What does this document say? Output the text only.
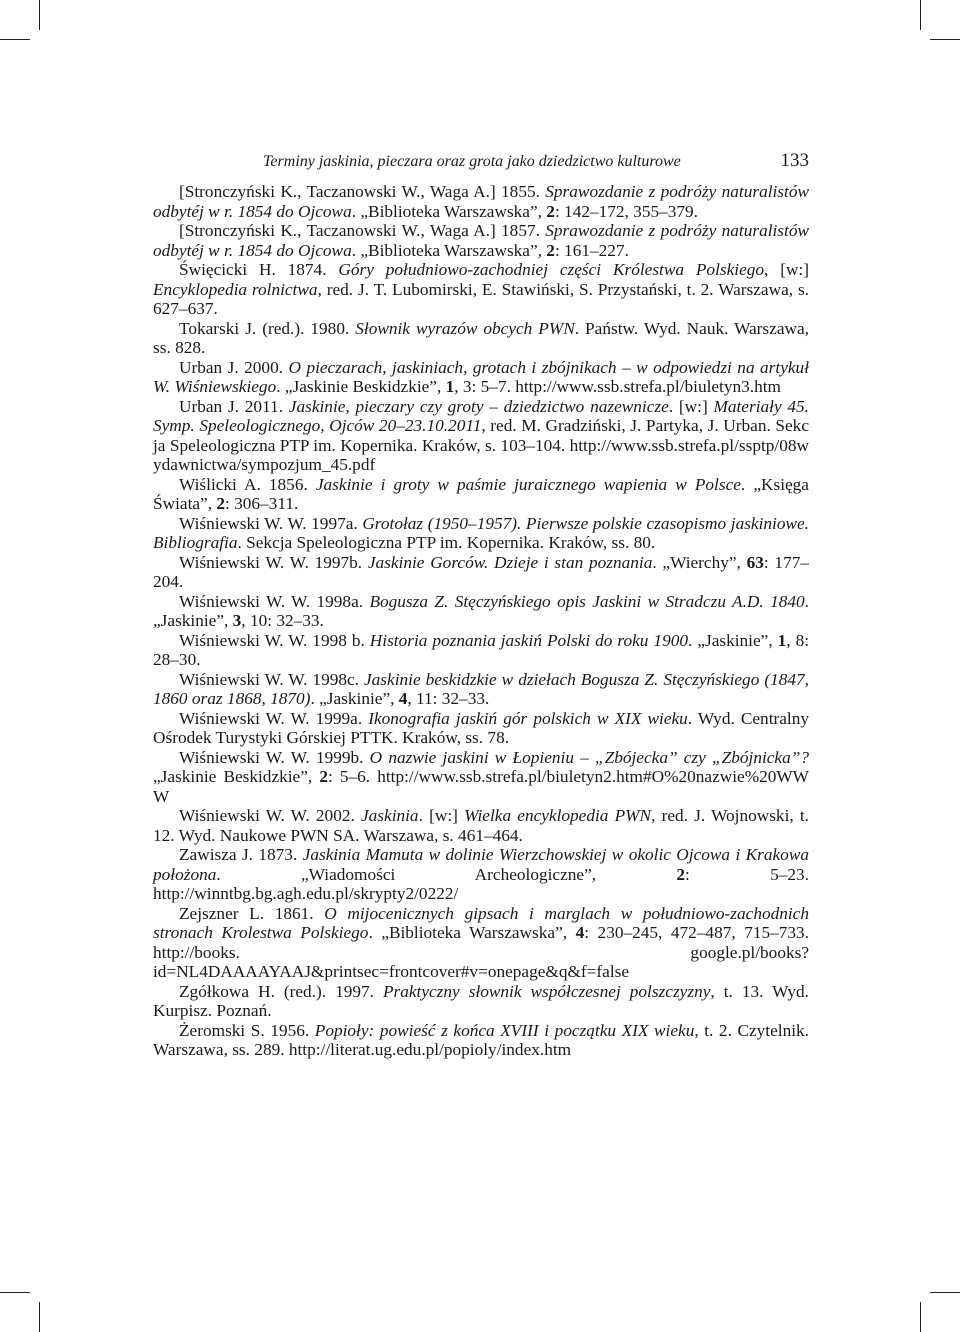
Terminy jaskinia, pieczara oraz grota jako dziedzictwo kulturowe	133

[Stronczyński K., Taczanowski W., Waga A.] 1855. Sprawozdanie z podróży naturalistów odbytéj w r. 1854 do Ojcowa. „Biblioteka Warszawska”, 2: 142–172, 355–379.

[Stronczyński K., Taczanowski W., Waga A.] 1857. Sprawozdanie z podróży naturalistów odbytéj w r. 1854 do Ojcowa. „Biblioteka Warszawska”, 2: 161–227.

Święcicki H. 1874. Góry południowo-zachodniej części Królestwa Polskiego, [w:] Encyklopedia rolnictwa, red. J. T. Lubomirski, E. Stawiński, S. Przystański, t. 2. Warszawa, s. 627–637.

Tokarski J. (red.). 1980. Słownik wyrazów obcych PWN. Państw. Wyd. Nauk. Warszawa, ss. 828.

Urban J. 2000. O pieczarach, jaskiniach, grotach i zbójnikach – w odpowiedzi na artykuł W. Wiśniewskiego. „Jaskinie Beskidzkie”, 1, 3: 5–7. http://www.ssb.strefa.pl/biuletyn3.htm

Urban J. 2011. Jaskinie, pieczary czy groty – dziedzictwo nazewnicze. [w:] Materiały 45. Symp. Speleologicznego, Ojców 20–23.10.2011, red. M. Gradziński, J. Partyka, J. Urban. Sekcja Speleologiczna PTP im. Kopernika. Kraków, s. 103–104. http://www.ssb.strefa.pl/ssptp/08wydawnictwa/sympozjum_45.pdf

Wiślicki A. 1856. Jaskinie i groty w paśmie juraicznego wapienia w Polsce. „Księga Świata”, 2: 306–311.

Wiśniewski W. W. 1997a. Grotołaz (1950–1957). Pierwsze polskie czasopismo jaskiniowe. Bibliografia. Sekcja Speleologiczna PTP im. Kopernika. Kraków, ss. 80.

Wiśniewski W. W. 1997b. Jaskinie Gorców. Dzieje i stan poznania. „Wierchy”, 63: 177–204.

Wiśniewski W. W. 1998a. Bogusza Z. Stęczyńskiego opis Jaskini w Stradczu A.D. 1840. „Jaskinie”, 3, 10: 32–33.

Wiśniewski W. W. 1998 b. Historia poznania jaskiń Polski do roku 1900. „Jaskinie”, 1, 8: 28–30.

Wiśniewski W. W. 1998c. Jaskinie beskidzkie w dziełach Bogusza Z. Stęczyńskiego (1847, 1860 oraz 1868, 1870). „Jaskinie”, 4, 11: 32–33.

Wiśniewski W. W. 1999a. Ikonografia jaskiń gór polskich w XIX wieku. Wyd. Centralny Ośrodek Turystyki Górskiej PTTK. Kraków, ss. 78.

Wiśniewski W. W. 1999b. O nazwie jaskini w Łopieniu – „Zbójecka” czy „Zbójnicka”? „Jaskinie Beskidzkie”, 2: 5–6. http://www.ssb.strefa.pl/biuletyn2.htm#O%20nazwie%20WWW

Wiśniewski W. W. 2002. Jaskinia. [w:] Wielka encyklopedia PWN, red. J. Wojnowski, t. 12. Wyd. Naukowe PWN SA. Warszawa, s. 461–464.

Zawisza J. 1873. Jaskinia Mamuta w dolinie Wierzchowskiej w okolic Ojcowa i Krakowa położona. „Wiadomości Archeologiczne”, 2: 5–23. http://winntbg.bg.agh.edu.pl/skrypty2/0222/

Zejszner L. 1861. O mijocenicznych gipsach i marglach w południowo-zachodnich stronach Krolestwa Polskiego. „Biblioteka Warszawska”, 4: 230–245, 472–487, 715–733. http://books. google.pl/books?id=NL4DAAAAYAAJ&printsec=frontcover#v=onepage&q&f=false

Zgółkowa H. (red.). 1997. Praktyczny słownik współczesnej polszczyzny, t. 13. Wyd. Kurpisz. Poznań.

Żeromski S. 1956. Popioły: powieść z końca XVIII i początku XIX wieku, t. 2. Czytelnik. Warszawa, ss. 289. http://literat.ug.edu.pl/popioly/index.htm
